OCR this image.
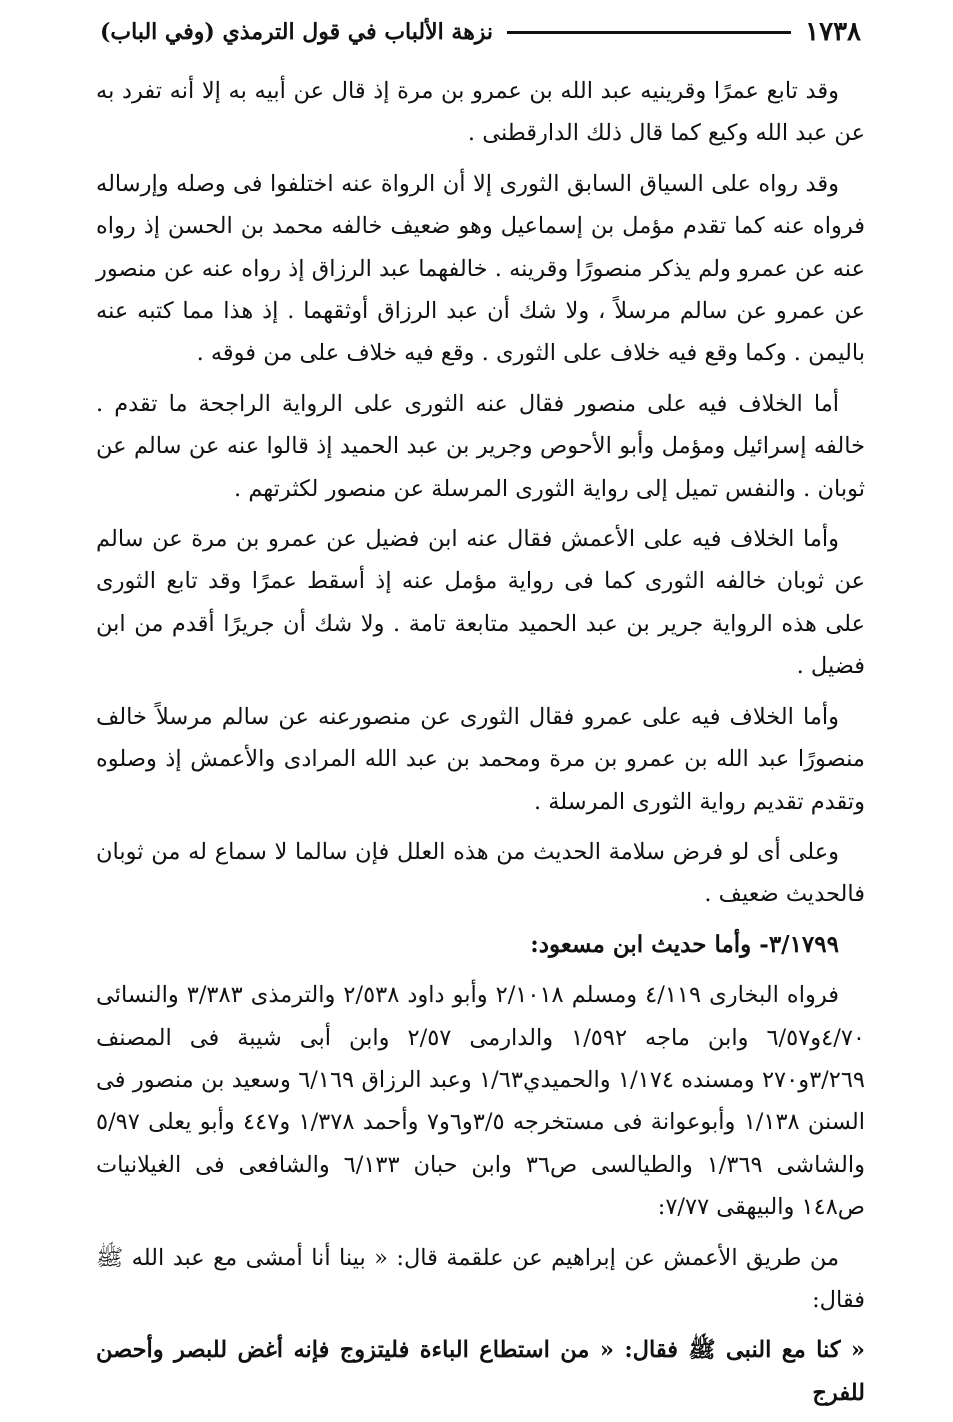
١٧٣٨
نزهة الألباب في قول الترمذي (وفي الباب)

وقد تابع عمرًا وقرينيه عبد الله بن عمرو بن مرة إذ قال عن أبيه به إلا أنه تفرد به عن عبد الله وكيع كما قال ذلك الدارقطنى .

وقد رواه على السياق السابق الثورى إلا أن الرواة عنه اختلفوا فى وصله وإرساله فرواه عنه كما تقدم مؤمل بن إسماعيل وهو ضعيف خالفه محمد بن الحسن إذ رواه عنه عن عمرو ولم يذكر منصورًا وقرينه . خالفهما عبد الرزاق إذ رواه عنه عن منصور عن عمرو عن سالم مرسلاً ، ولا شك أن عبد الرزاق أوثقهما . إذ هذا مما كتبه عنه باليمن . وكما وقع فيه خلاف على الثورى . وقع فيه خلاف على من فوقه .

أما الخلاف فيه على منصور فقال عنه الثورى على الرواية الراجحة ما تقدم . خالفه إسرائيل ومؤمل وأبو الأحوص وجرير بن عبد الحميد إذ قالوا عنه عن سالم عن ثوبان . والنفس تميل إلى رواية الثورى المرسلة عن منصور لكثرتهم .

وأما الخلاف فيه على الأعمش فقال عنه ابن فضيل عن عمرو بن مرة عن سالم عن ثوبان خالفه الثورى كما فى رواية مؤمل عنه إذ أسقط عمرًا وقد تابع الثورى على هذه الرواية جرير بن عبد الحميد متابعة تامة . ولا شك أن جريرًا أقدم من ابن فضيل .

وأما الخلاف فيه على عمرو فقال الثورى عن منصورعنه عن سالم مرسلاً خالف منصورًا عبد الله بن عمرو بن مرة ومحمد بن عبد الله المرادى والأعمش إذ وصلوه وتقدم تقديم رواية الثورى المرسلة .

وعلى أى لو فرض سلامة الحديث من هذه العلل فإن سالما لا سماع له من ثوبان فالحديث ضعيف .

٣/١٧٩٩- وأما حديث ابن مسعود:

فرواه البخارى ٤/١١٩ ومسلم ٢/١٠١٨ وأبو داود ٢/٥٣٨ والترمذى ٣/٣٨٣ والنسائى ٤/٧٠و٦/٥٧ وابن ماجه ١/٥٩٢ والدارمى ٢/٥٧ وابن أبى شيبة فى المصنف ٣/٢٦٩و٢٧٠ ومسنده ١/١٧٤ والحميدي١/٦٣ وعبد الرزاق ٦/١٦٩ وسعيد بن منصور فى السنن ١/١٣٨ وأبوعوانة فى مستخرجه ٣/٥و٦و٧ وأحمد ١/٣٧٨ و٤٤٧ وأبو يعلى ٥/٩٧ والشاشى ١/٣٦٩ والطيالسى ص٣٦ وابن حبان ٦/١٣٣ والشافعى فى الغيلانيات ص١٤٨ والبيهقى ٧/٧٧:

من طريق الأعمش عن إبراهيم عن علقمة قال: « بينا أنا أمشى مع عبد الله ﷺ فقال:

« كنا مع النبى ﷺ فقال: « من استطاع الباءة فليتزوج فإنه أغض للبصر وأحصن للفرج
